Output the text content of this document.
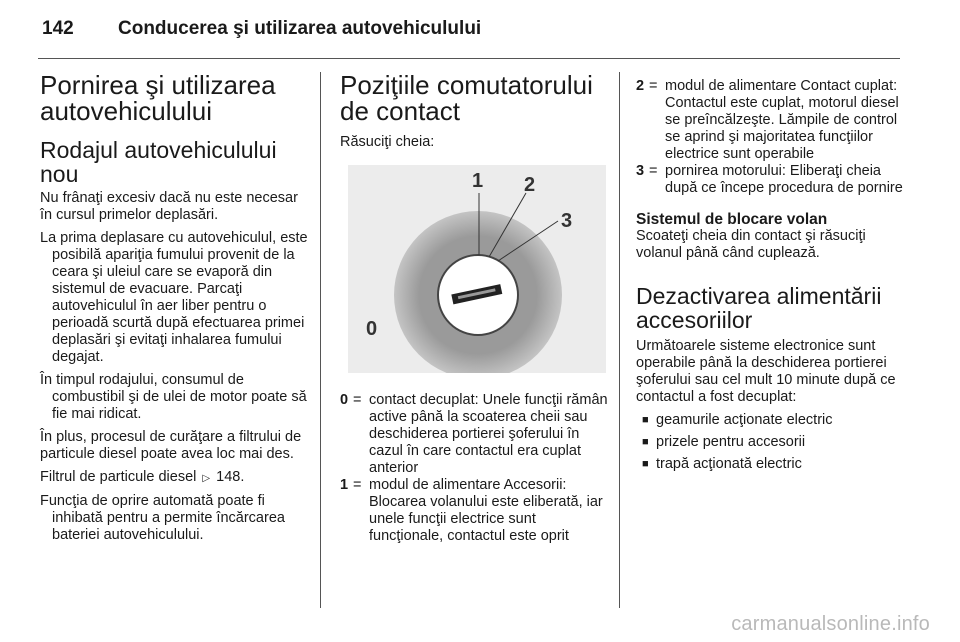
142 Conducerea şi utilizarea autovehiculului
Pornirea şi utilizarea autovehiculului
Rodajul autovehiculului nou

Nu frânaţi excesiv dacă nu este necesar în cursul primelor deplasări.

La prima deplasare cu autovehiculul, este posibilă apariţia fumului provenit de la ceara şi uleiul care se evaporă din sistemul de evacuare. Parcaţi autovehiculul în aer liber pentru o perioadă scurtă după efectuarea primei deplasări şi evitaţi inhalarea fumului degajat.

În timpul rodajului, consumul de combustibil şi de ulei de motor poate să fie mai ridicat.

În plus, procesul de curăţare a filtrului de particule diesel poate avea loc mai des.

Filtrul de particule diesel ▷ 148.

Funcţia de oprire automată poate fi inhibată pentru a permite încărcarea bateriei autovehiculului.

Poziţiile comutatorului de contact

Răsuciţi cheia:

1 2
3
0
0 = contact decuplat: Unele funcţii rămân active până la scoaterea cheii sau deschiderea portierei şoferului în cazul în care contactul era cuplat anterior
1 = modul de alimentare Accesorii: Blocarea volanului este eliberată, iar unele funcţii electrice sunt funcţionale, contactul este oprit
2 = modul de alimentare Contact cuplat: Contactul este cuplat, motorul diesel se preîncălzeşte. Lămpile de control se aprind şi majoritatea funcţiilor electrice sunt operabile
3 = pornirea motorului: Eliberaţi cheia după ce începe procedura de pornire
Sistemul de blocare volan

Scoateţi cheia din contact şi răsuciţi volanul până când cuplează.

Dezactivarea alimentării accesoriilor

Următoarele sisteme electronice sunt operabile până la deschiderea portierei şoferului sau cel mult 10 minute după ce contactul a fost decuplat:

■ geamurile acţionate electric
■ prizele pentru accesorii
■ trapă acţionată electric
carmanualsonline.info
